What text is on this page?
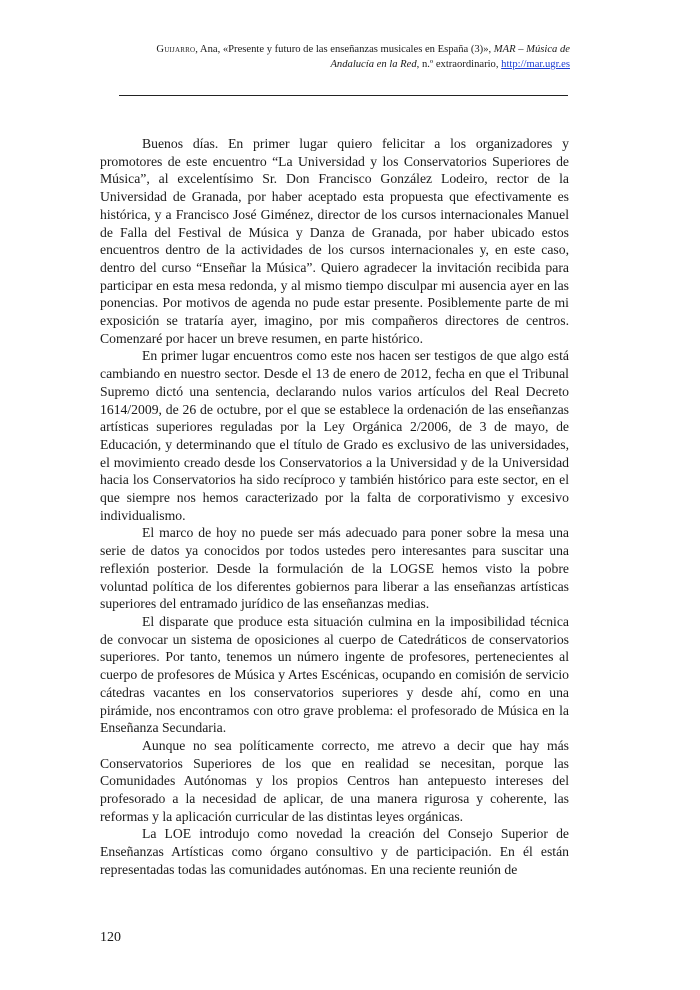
Guijarro, Ana, «Presente y futuro de las enseñanzas musicales en España (3)», MAR – Música de
Andalucía en la Red, n.º extraordinario, http://mar.ugr.es

Buenos días. En primer lugar quiero felicitar a los organizadores y promotores de este encuentro “La Universidad y los Conservatorios Superiores de Música”, al excelentísimo Sr. Don Francisco González Lodeiro, rector de la Universidad de Granada, por haber aceptado esta propuesta que efectivamente es histórica, y a Francisco José Giménez, director de los cursos internacionales Manuel de Falla del Festival de Música y Danza de Granada, por haber ubicado estos encuentros dentro de la actividades de los cursos internacionales y, en este caso, dentro del curso “Enseñar la Música”. Quiero agradecer la invitación recibida para participar en esta mesa redonda, y al mismo tiempo disculpar mi ausencia ayer en las ponencias. Por motivos de agenda no pude estar presente. Posiblemente parte de mi exposición se trataría ayer, imagino, por mis compañeros directores de centros. Comenzaré por hacer un breve resumen, en parte histórico.

En primer lugar encuentros como este nos hacen ser testigos de que algo está cambiando en nuestro sector. Desde el 13 de enero de 2012, fecha en que el Tribunal Supremo dictó una sentencia, declarando nulos varios artículos del Real Decreto 1614/2009, de 26 de octubre, por el que se establece la ordenación de las enseñanzas artísticas superiores reguladas por la Ley Orgánica 2/2006, de 3 de mayo, de Educación, y determinando que el título de Grado es exclusivo de las universidades, el movimiento creado desde los Conservatorios a la Universidad y de la Universidad hacia los Conservatorios ha sido recíproco y también histórico para este sector, en el que siempre nos hemos caracterizado por la falta de corporativismo y excesivo individualismo.

El marco de hoy no puede ser más adecuado para poner sobre la mesa una serie de datos ya conocidos por todos ustedes pero interesantes para suscitar una reflexión posterior. Desde la formulación de la LOGSE hemos visto la pobre voluntad política de los diferentes gobiernos para liberar a las enseñanzas artísticas superiores del entramado jurídico de las enseñanzas medias.

El disparate que produce esta situación culmina en la imposibilidad técnica de convocar un sistema de oposiciones al cuerpo de Catedráticos de conservatorios superiores. Por tanto, tenemos un número ingente de profesores, pertenecientes al cuerpo de profesores de Música y Artes Escénicas, ocupando en comisión de servicio cátedras vacantes en los conservatorios superiores y desde ahí, como en una pirámide, nos encontramos con otro grave problema: el profesorado de Música en la Enseñanza Secundaria.

Aunque no sea políticamente correcto, me atrevo a decir que hay más Conservatorios Superiores de los que en realidad se necesitan, porque las Comunidades Autónomas y los propios Centros han antepuesto intereses del profesorado a la necesidad de aplicar, de una manera rigurosa y coherente, las reformas y la aplicación curricular de las distintas leyes orgánicas.

La LOE introdujo como novedad la creación del Consejo Superior de Enseñanzas Artísticas como órgano consultivo y de participación. En él están representadas todas las comunidades autónomas. En una reciente reunión de

120
